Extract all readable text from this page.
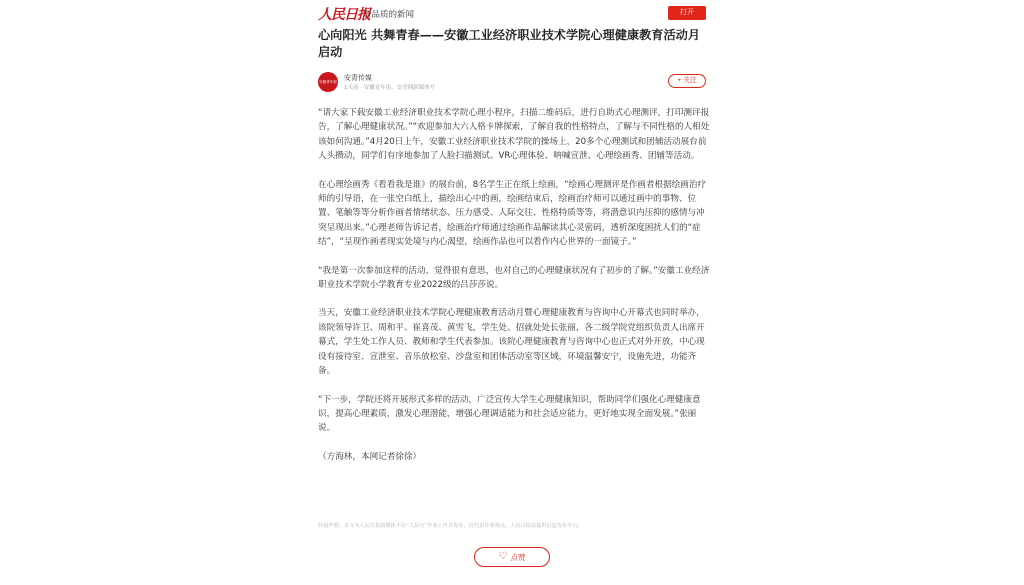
人民日报
有品质的新闻	打开
心向阳光 共舞青春——安徽工业经济职业技术学院心理健康教育活动月启动
安徽青年报 安青传媒
1天前 · 安徽青年报、安青网新媒体号
+ 关注

“请大家下载安徽工业经济职业技术学院心理小程序，扫描二维码后，进行自助式心理测评，打印测评报告，了解心理健康状况。”“欢迎参加大六人格卡牌探索，了解自我的性格特点，了解与不同性格的人相处该如何沟通。”4月20日上午，安徽工业经济职业技术学院的操场上，20多个心理测试和团辅活动展台前人头攒动，同学们有序地参加了人脸扫描测试、VR心理体验、呐喊宣泄、心理绘画秀、团辅等活动。

在心理绘画秀《看看我是谁》的展台前，8名学生正在纸上绘画，“绘画心理测评是作画者根据绘画治疗师的引导语，在一张空白纸上，描绘出心中的画，绘画结束后，绘画治疗师可以通过画中的事物、位置、笔触等等分析作画者情绪状态、压力感受、人际交往、性格特质等等，将潜意识内压抑的感情与冲突呈现出来。”心理老师告诉记者，绘画治疗师通过绘画作品解读其心灵密码，透析深度困扰人们的“症结”，“呈现作画者现实处境与内心渴望，绘画作品也可以看作内心世界的一面镜子。”

“我是第一次参加这样的活动，觉得很有意思，也对自己的心理健康状况有了初步的了解。”安徽工业经济职业技术学院小学教育专业2022级的吕莎莎说。

当天，安徽工业经济职业技术学院心理健康教育活动月暨心理健康教育与咨询中心开幕式也同时举办，该院领导许卫、周和平、崔喜茂、黄雪飞，学生处、招就处处长张丽，各二级学院党组织负责人出席开幕式，学生处工作人员、教师和学生代表参加。该院心理健康教育与咨询中心也正式对外开放，中心现设有接待室、宣泄室、音乐放松室、沙盘室和团体活动室等区域，环境温馨安宁，设施先进，功能齐备。

“下一步，学院还将开展形式多样的活动，广泛宣传大学生心理健康知识，帮助同学们强化心理健康意识，提高心理素质，激发心理潜能，增强心理调适能力和社会适应能力，更好地实现全面发展。”张丽说。

（方海林，本网记者徐徐）

特别声明：本文为人民日报新媒体平台“人民号”作者上传并发布，仅代表作者观点。人民日报仅提供信息发布平台。
♡ 点赞
